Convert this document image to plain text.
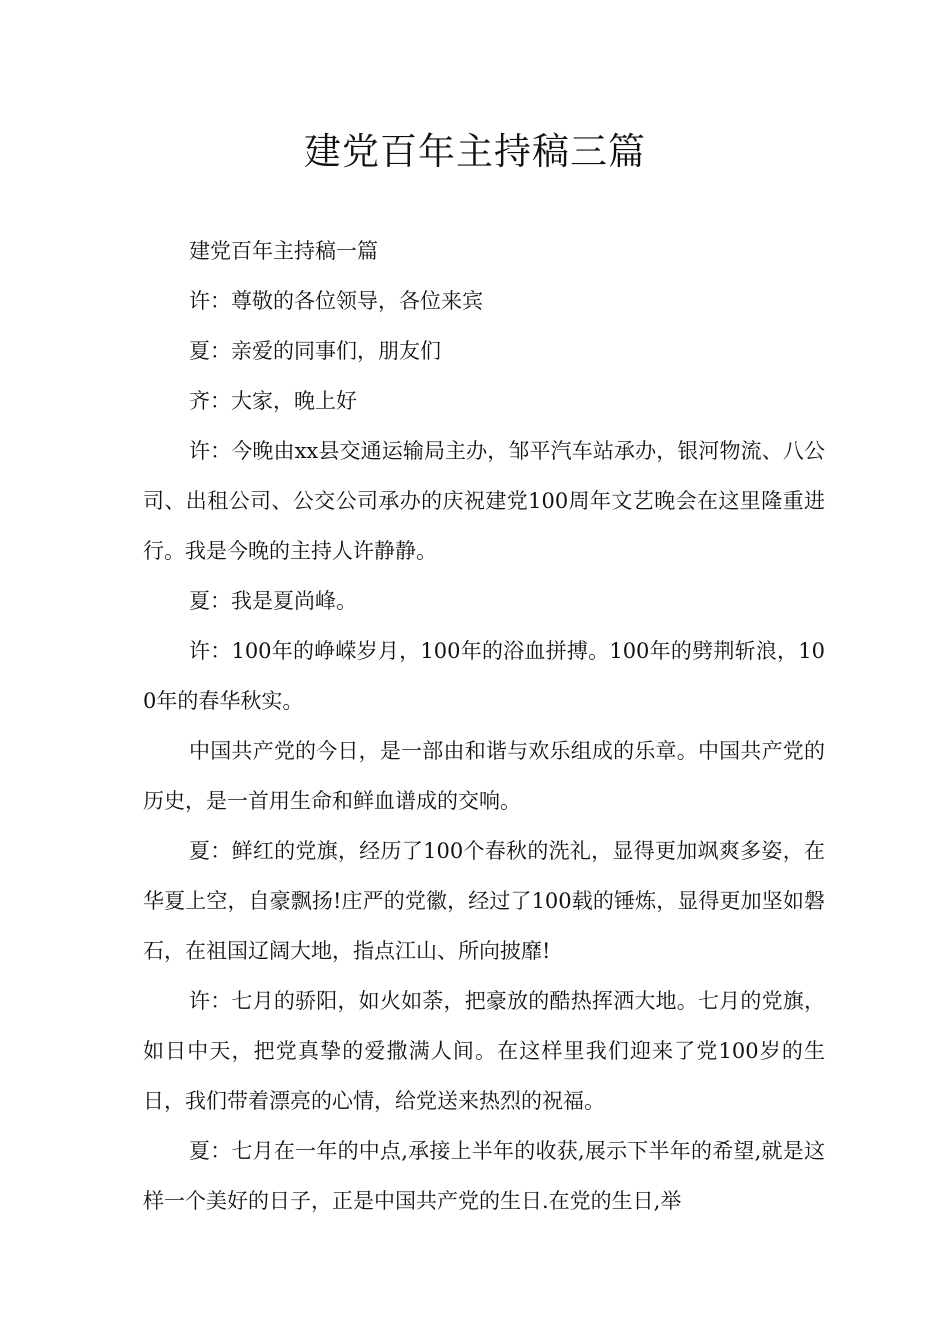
建党百年主持稿三篇

建党百年主持稿一篇

许：尊敬的各位领导，各位来宾

夏：亲爱的同事们，朋友们

齐：大家，晚上好

许：今晚由xx县交通运输局主办，邹平汽车站承办，银河物流、八公司、出租公司、公交公司承办的庆祝建党100周年文艺晚会在这里隆重进行。我是今晚的主持人许静静。

夏：我是夏尚峰。

许：100年的峥嵘岁月，100年的浴血拼搏。100年的劈荆斩浪，100年的春华秋实。

中国共产党的今日，是一部由和谐与欢乐组成的乐章。中国共产党的历史，是一首用生命和鲜血谱成的交响。

夏：鲜红的党旗，经历了100个春秋的洗礼，显得更加飒爽多姿，在华夏上空，自豪飘扬!庄严的党徽，经过了100载的锤炼，显得更加坚如磐石，在祖国辽阔大地，指点江山、所向披靡!

许：七月的骄阳，如火如荼，把豪放的酷热挥洒大地。七月的党旗，如日中天，把党真挚的爱撒满人间。在这样里我们迎来了党100岁的生日，我们带着漂亮的心情，给党送来热烈的祝福。

夏：七月在一年的中点,承接上半年的收获,展示下半年的希望,就是这样一个美好的日子，正是中国共产党的生日.在党的生日,举
